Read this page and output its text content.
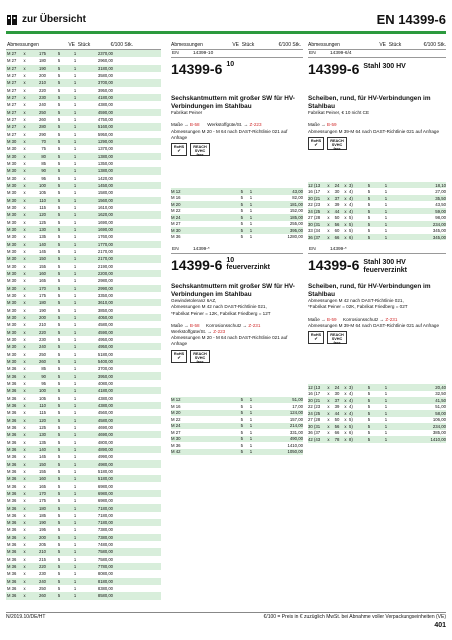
zur Übersicht	EN 14399-6
Abmessungen	VE Stück	€/100 Stk.
M 27	x	175	5	1	2370,00
M 27	x	180	5	1	2960,00
M 27	x	190	5	1	3180,00
M 27	x	200	5	1	3580,00
M 27	x	210	5	1	3700,00
M 27	x	220	5	1	3950,00
M 27	x	230	5	1	4180,00
M 27	x	240	5	1	4380,00
M 27	x	250	5	1	4590,00
M 27	x	260	5	1	4750,00
M 27	x	280	5	1	5160,00
M 27	x	290	5	1	5950,00
M 30	x	70	5	1	1290,00
M 30	x	75	5	1	1370,00
M 30	x	80	5	1	1380,00
M 30	x	85	5	1	1350,00
M 30	x	90	5	1	1380,00
M 30	x	95	5	1	1420,00
M 30	x	100	5	1	1450,00
M 30	x	105	5	1	1580,00
M 30	x	110	5	1	1560,00
M 30	x	115	5	1	1610,00
M 30	x	120	5	1	1620,00
M 30	x	125	5	1	1690,00
M 30	x	130	5	1	1690,00
M 30	x	135	5	1	1760,00
M 30	x	140	5	1	1770,00
M 30	x	145	5	1	2170,00
M 30	x	150	5	1	2170,00
M 30	x	155	5	1	2190,00
M 30	x	160	5	1	2200,00
M 30	x	165	5	1	2980,00
M 30	x	170	5	1	2990,00
M 30	x	175	5	1	3350,00
M 30	x	180	5	1	3610,00
M 30	x	190	5	1	3850,00
M 30	x	200	5	1	4050,00
M 30	x	210	5	1	4580,00
M 30	x	220	5	1	4590,00
M 30	x	230	5	1	4950,00
M 30	x	240	5	1	4950,00
M 30	x	250	5	1	5180,00
M 30	x	260	5	1	5400,00
M 36	x	85	5	1	3700,00
M 36	x	90	5	1	3950,00
M 36	x	95	5	1	4080,00
M 36	x	100	5	1	4180,00
M 36	x	105	5	1	4380,00
M 36	x	110	5	1	4380,00
M 36	x	115	5	1	4560,00
M 36	x	120	5	1	4580,00
M 36	x	125	5	1	4690,00
M 36	x	130	5	1	4690,00
M 36	x	135	5	1	4800,00
M 36	x	140	5	1	4890,00
M 36	x	145	5	1	4990,00
M 36	x	150	5	1	4980,00
M 36	x	155	5	1	5180,00
M 36	x	160	5	1	5180,00
M 36	x	165	5	1	6980,00
M 36	x	170	5	1	6980,00
M 36	x	175	5	1	6980,00
M 36	x	180	5	1	7180,00
M 36	x	185	5	1	7180,00
M 36	x	190	5	1	7180,00
M 36	x	195	5	1	7380,00
M 36	x	200	5	1	7380,00
M 36	x	205	5	1	7480,00
M 36	x	210	5	1	7580,00
M 36	x	215	5	1	7580,00
M 36	x	220	5	1	7780,00
M 36	x	230	5	1	8080,00
M 36	x	240	5	1	8180,00
M 36	x	250	5	1	8380,00
M 36	x	260	5	1	8580,00
Abmessungen	VE Stück	€/100 Stk.
EN	14399-10
14399-6 $^{10}$
Sechskantmuttern mit großer SW für HV-Verbindungen im Stahlbau
Fabrikat Peiner
Maße → B-58 Werkstoffgüte/St. → Z-223
Abmessungen M 20 - M 64 nach DAST-Richtlinie 021 auf Anfrage
RoHS
✔
REACH SVHC free
M 12	5	1	43,00
M 16	5	1	82,00
M 20	5	1	181,00
M 22	5	1	152,00
M 24	5	1	185,00
M 27	5	1	255,00
M 30	5	1	395,00
M 36	5	1	1280,00
EN	14399-*
14399-6 10
feuerverzinkt
Sechskantmuttern mit großer SW für HV-Verbindungen im Stahlbau
Gewindetoleranz 6AZ,
Abmessungen M 42 nach DAST-Richtlinie 021,
*Fabrikat Peiner = 12K, Fabrikat Friedberg = 12T
Maße → B-58 Korrosionsschutz → Z-231
Werkstoffgüte/St. → Z-223
Abmessungen M 20 - M 64 nach DAST-Richtlinie 021 auf Anfrage
RoHS
✔
REACH SVHC free
M 12	5	1	51,00
M 16	5	1	17,00
M 20	5	1	124,00
M 22	5	1	157,00
M 24	5	1	214,00
M 27	5	1	331,00
M 30	5	1	490,00
M 36	5	1	1410,00
M 42	5	1	1050,00
Abmessungen	VE Stück	€/100 Stk.
EN	14399-6/4
14399-6 Stahl 300 HV
Scheiben, rund, für HV-Verbindungen im Stahlbau
Fabrikat Peiner, € 10 nicht CE
Maße → B-59
Abmessungen M 39-M 64 nach DAST-Richtlinie 021 auf Anfrage
RoHS
✔
REACH SVHC free
12 (13	x	24	x 3)	5	1	18,10
16 (17	x	30	x 4)	5	1	27,00
20 (21	x	37	x 4)	5	1	35,50
22 (23	x	39	x 4)	5	1	43,50
24 (25	x	44	x 4)	5	1	59,00
27 (28	x	50	x 5)	5	1	98,00
30 (31	x	56	x 5)	5	1	234,00
33 (34	x	60	x 5)	5	1	345,00
36 (37	x	66	x 6)	5	1	345,00
EN	14399-*
14399-6 Stahl 300 HV feuerverzinkt
Scheiben, rund, für HV-Verbindungen im Stahlbau
Abmessungen M 42 nach DAST-Richtlinie 021,
*Fabrikat Peiner = 02K, Fabrikat Friedberg = 02T
Maße → B-59 Korrosionsschutz → Z-231
Abmessungen M 39-M 64 nach DAST-Richtlinie 021 auf Anfrage
RoHS
✔
REACH SVHC free
12 (13	x	24	x 3)	5	1	20,40
16 (17	x	30	x 4)	5	1	32,50
20 (21	x	37	x 4)	5	1	41,50
22 (23	x	39	x 4)	5	1	51,00
24 (25	x	44	x 4)	5	1	58,00
27 (28	x	50	x 5)	5	1	106,00
30 (31	x	56	x 5)	5	1	234,00
36 (37	x	66	x 6)	5	1	385,00
42 (43	x	78	x 8)	5	1	1410,00
N/2019.10/DE/HT	€/100 = Preis in € zuzüglich MwSt. bei Abnahme voller Verpackungseinheiten (VE)
401
